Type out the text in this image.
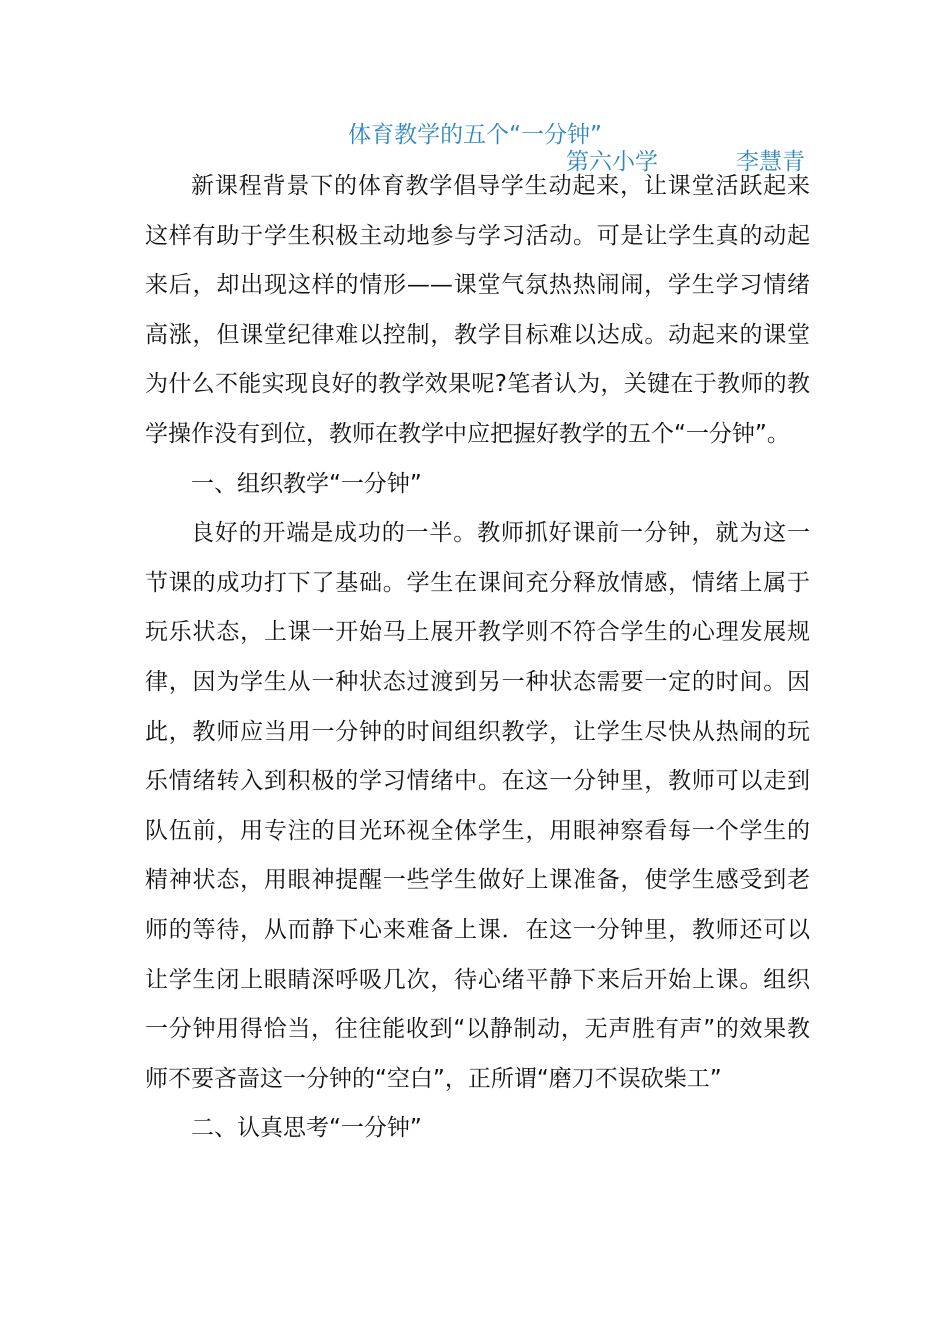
体育教学的五个“一分钟”
第六小学	李慧青

新课程背景下的体育教学倡导学生动起来，让课堂活跃起来这样有助于学生积极主动地参与学习活动。可是让学生真的动起来后，却出现这样的情形——课堂气氛热热闹闹，学生学习情绪高涨，但课堂纪律难以控制，教学目标难以达成。动起来的课堂为什么不能实现良好的教学效果呢?笔者认为，关键在于教师的教学操作没有到位，教师在教学中应把握好教学的五个“一分钟”。

一、组织教学“一分钟”

良好的开端是成功的一半。教师抓好课前一分钟，就为这一节课的成功打下了基础。学生在课间充分释放情感，情绪上属于玩乐状态，上课一开始马上展开教学则不符合学生的心理发展规律，因为学生从一种状态过渡到另一种状态需要一定的时间。因此，教师应当用一分钟的时间组织教学，让学生尽快从热闹的玩乐情绪转入到积极的学习情绪中。在这一分钟里，教师可以走到队伍前，用专注的目光环视全体学生，用眼神察看每一个学生的精神状态，用眼神提醒一些学生做好上课准备，使学生感受到老师的等待，从而静下心来难备上课．在这一分钟里，教师还可以让学生闭上眼睛深呼吸几次，待心绪平静下来后开始上课。组织一分钟用得恰当，往往能收到“以静制动，无声胜有声”的效果教师不要吝啬这一分钟的“空白”，正所谓“磨刀不误砍柴工”

二、认真思考“一分钟”
